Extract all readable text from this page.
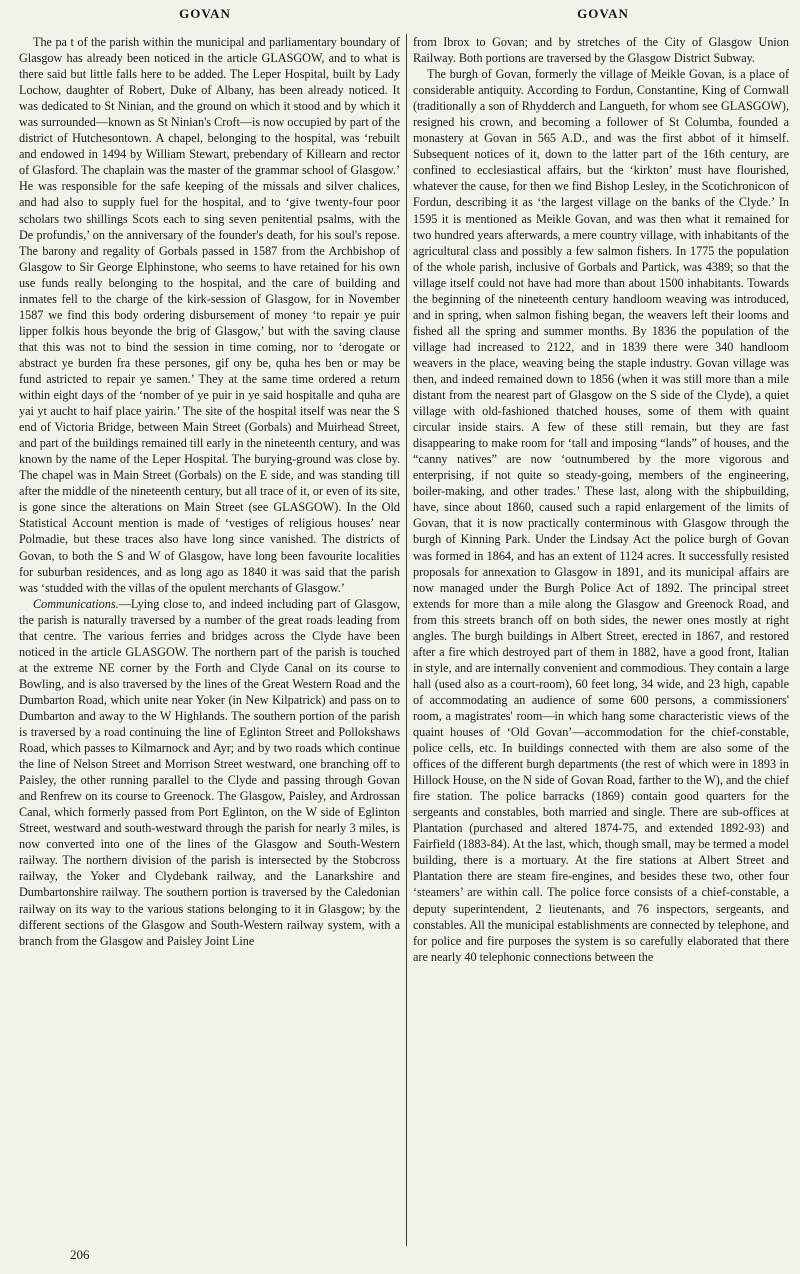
GOVAN	GOVAN

The pa t of the parish within the municipal and parliamentary boundary of Glasgow has already been noticed in the article GLASGOW, and to what is there said but little falls here to be added. The Leper Hospital, built by Lady Lochow, daughter of Robert, Duke of Albany, has been already noticed. It was dedicated to St Ninian, and the ground on which it stood and by which it was surrounded—known as St Ninian's Croft—is now occupied by part of the district of Hutchesontown. A chapel, belonging to the hospital, was ‘rebuilt and endowed in 1494 by William Stewart, prebendary of Killearn and rector of Glasford. The chaplain was the master of the grammar school of Glasgow.’ He was responsible for the safe keeping of the missals and silver chalices, and had also to supply fuel for the hospital, and to ‘give twenty-four poor scholars two shillings Scots each to sing seven penitential psalms, with the De profundis,’ on the anniversary of the founder's death, for his soul's repose. The barony and regality of Gorbals passed in 1587 from the Archbishop of Glasgow to Sir George Elphinstone, who seems to have retained for his own use funds really belonging to the hospital, and the care of building and inmates fell to the charge of the kirk-session of Glasgow, for in November 1587 we find this body ordering disbursement of money ‘to repair ye puir lipper folkis hous beyonde the brig of Glasgow,’ but with the saving clause that this was not to bind the session in time coming, nor to ‘derogate or abstract ye burden fra these persones, gif ony be, quha hes ben or may be fund astricted to repair ye samen.’ They at the same time ordered a return within eight days of the ‘nomber of ye puir in ye said hospitalle and quha are yai yt aucht to haif place yairin.’ The site of the hospital itself was near the S end of Victoria Bridge, between Main Street (Gorbals) and Muirhead Street, and part of the buildings remained till early in the nineteenth century, and was known by the name of the Leper Hospital. The burying-ground was close by. The chapel was in Main Street (Gorbals) on the E side, and was standing till after the middle of the nineteenth century, but all trace of it, or even of its site, is gone since the alterations on Main Street (see GLASGOW). In the Old Statistical Account mention is made of ‘vestiges of religious houses’ near Polmadie, but these traces also have long since vanished. The districts of Govan, to both the S and W of Glasgow, have long been favourite localities for suburban residences, and as long ago as 1840 it was said that the parish was ‘studded with the villas of the opulent merchants of Glasgow.’

Communications.—Lying close to, and indeed including part of Glasgow, the parish is naturally traversed by a number of the great roads leading from that centre. The various ferries and bridges across the Clyde have been noticed in the article GLASGOW. The northern part of the parish is touched at the extreme NE corner by the Forth and Clyde Canal on its course to Bowling, and is also traversed by the lines of the Great Western Road and the Dumbarton Road, which unite near Yoker (in New Kilpatrick) and pass on to Dumbarton and away to the W Highlands. The southern portion of the parish is traversed by a road continuing the line of Eglinton Street and Pollokshaws Road, which passes to Kilmarnock and Ayr; and by two roads which continue the line of Nelson Street and Morrison Street westward, one branching off to Paisley, the other running parallel to the Clyde and passing through Govan and Renfrew on its course to Greenock. The Glasgow, Paisley, and Ardrossan Canal, which formerly passed from Port Eglinton, on the W side of Eglinton Street, westward and south-westward through the parish for nearly 3 miles, is now converted into one of the lines of the Glasgow and South-Western railway. The northern division of the parish is intersected by the Stobcross railway, the Yoker and Clydebank railway, and the Lanarkshire and Dumbartonshire railway. The southern portion is traversed by the Caledonian railway on its way to the various stations belonging to it in Glasgow; by the different sections of the Glasgow and South-Western railway system, with a branch from the Glasgow and Paisley Joint Line

from Ibrox to Govan; and by stretches of the City of Glasgow Union Railway. Both portions are traversed by the Glasgow District Subway.

The burgh of Govan, formerly the village of Meikle Govan, is a place of considerable antiquity. According to Fordun, Constantine, King of Cornwall (traditionally a son of Rhydderch and Langueth, for whom see GLASGOW), resigned his crown, and becoming a follower of St Columba, founded a monastery at Govan in 565 A.D., and was the first abbot of it himself. Subsequent notices of it, down to the latter part of the 16th century, are confined to ecclesiastical affairs, but the ‘kirkton’ must have flourished, whatever the cause, for then we find Bishop Lesley, in the Scotichronicon of Fordun, describing it as ‘the largest village on the banks of the Clyde.’ In 1595 it is mentioned as Meikle Govan, and was then what it remained for two hundred years afterwards, a mere country village, with inhabitants of the agricultural class and possibly a few salmon fishers. In 1775 the population of the whole parish, inclusive of Gorbals and Partick, was 4389; so that the village itself could not have had more than about 1500 inhabitants. Towards the beginning of the nineteenth century handloom weaving was introduced, and in spring, when salmon fishing began, the weavers left their looms and fished all the spring and summer months. By 1836 the population of the village had increased to 2122, and in 1839 there were 340 handloom weavers in the place, weaving being the staple industry. Govan village was then, and indeed remained down to 1856 (when it was still more than a mile distant from the nearest part of Glasgow on the S side of the Clyde), a quiet village with old-fashioned thatched houses, some of them with quaint circular inside stairs. A few of these still remain, but they are fast disappearing to make room for ‘tall and imposing “lands” of houses, and the “canny natives” are now ‘outnumbered by the more vigorous and enterprising, if not quite so steady-going, members of the engineering, boiler-making, and other trades.’ These last, along with the shipbuilding, have, since about 1860, caused such a rapid enlargement of the limits of Govan, that it is now practically conterminous with Glasgow through the burgh of Kinning Park. Under the Lindsay Act the police burgh of Govan was formed in 1864, and has an extent of 1124 acres. It successfully resisted proposals for annexation to Glasgow in 1891, and its municipal affairs are now managed under the Burgh Police Act of 1892. The principal street extends for more than a mile along the Glasgow and Greenock Road, and from this streets branch off on both sides, the newer ones mostly at right angles. The burgh buildings in Albert Street, erected in 1867, and restored after a fire which destroyed part of them in 1882, have a good front, Italian in style, and are internally convenient and commodious. They contain a large hall (used also as a court-room), 60 feet long, 34 wide, and 23 high, capable of accommodating an audience of some 600 persons, a commissioners' room, a magistrates' room—in which hang some characteristic views of the quaint houses of ‘Old Govan’—accommodation for the chief-constable, police cells, etc. In buildings connected with them are also some of the offices of the different burgh departments (the rest of which were in 1893 in Hillock House, on the N side of Govan Road, farther to the W), and the chief fire station. The police barracks (1869) contain good quarters for the sergeants and constables, both married and single. There are sub-offices at Plantation (purchased and altered 1874-75, and extended 1892-93) and Fairfield (1883-84). At the last, which, though small, may be termed a model building, there is a mortuary. At the fire stations at Albert Street and Plantation there are steam fire-engines, and besides these two, other four ‘steamers’ are within call. The police force consists of a chief-constable, a deputy superintendent, 2 lieutenants, and 76 inspectors, sergeants, and constables. All the municipal establishments are connected by telephone, and for police and fire purposes the system is so carefully elaborated that there are nearly 40 telephonic connections between the

206
